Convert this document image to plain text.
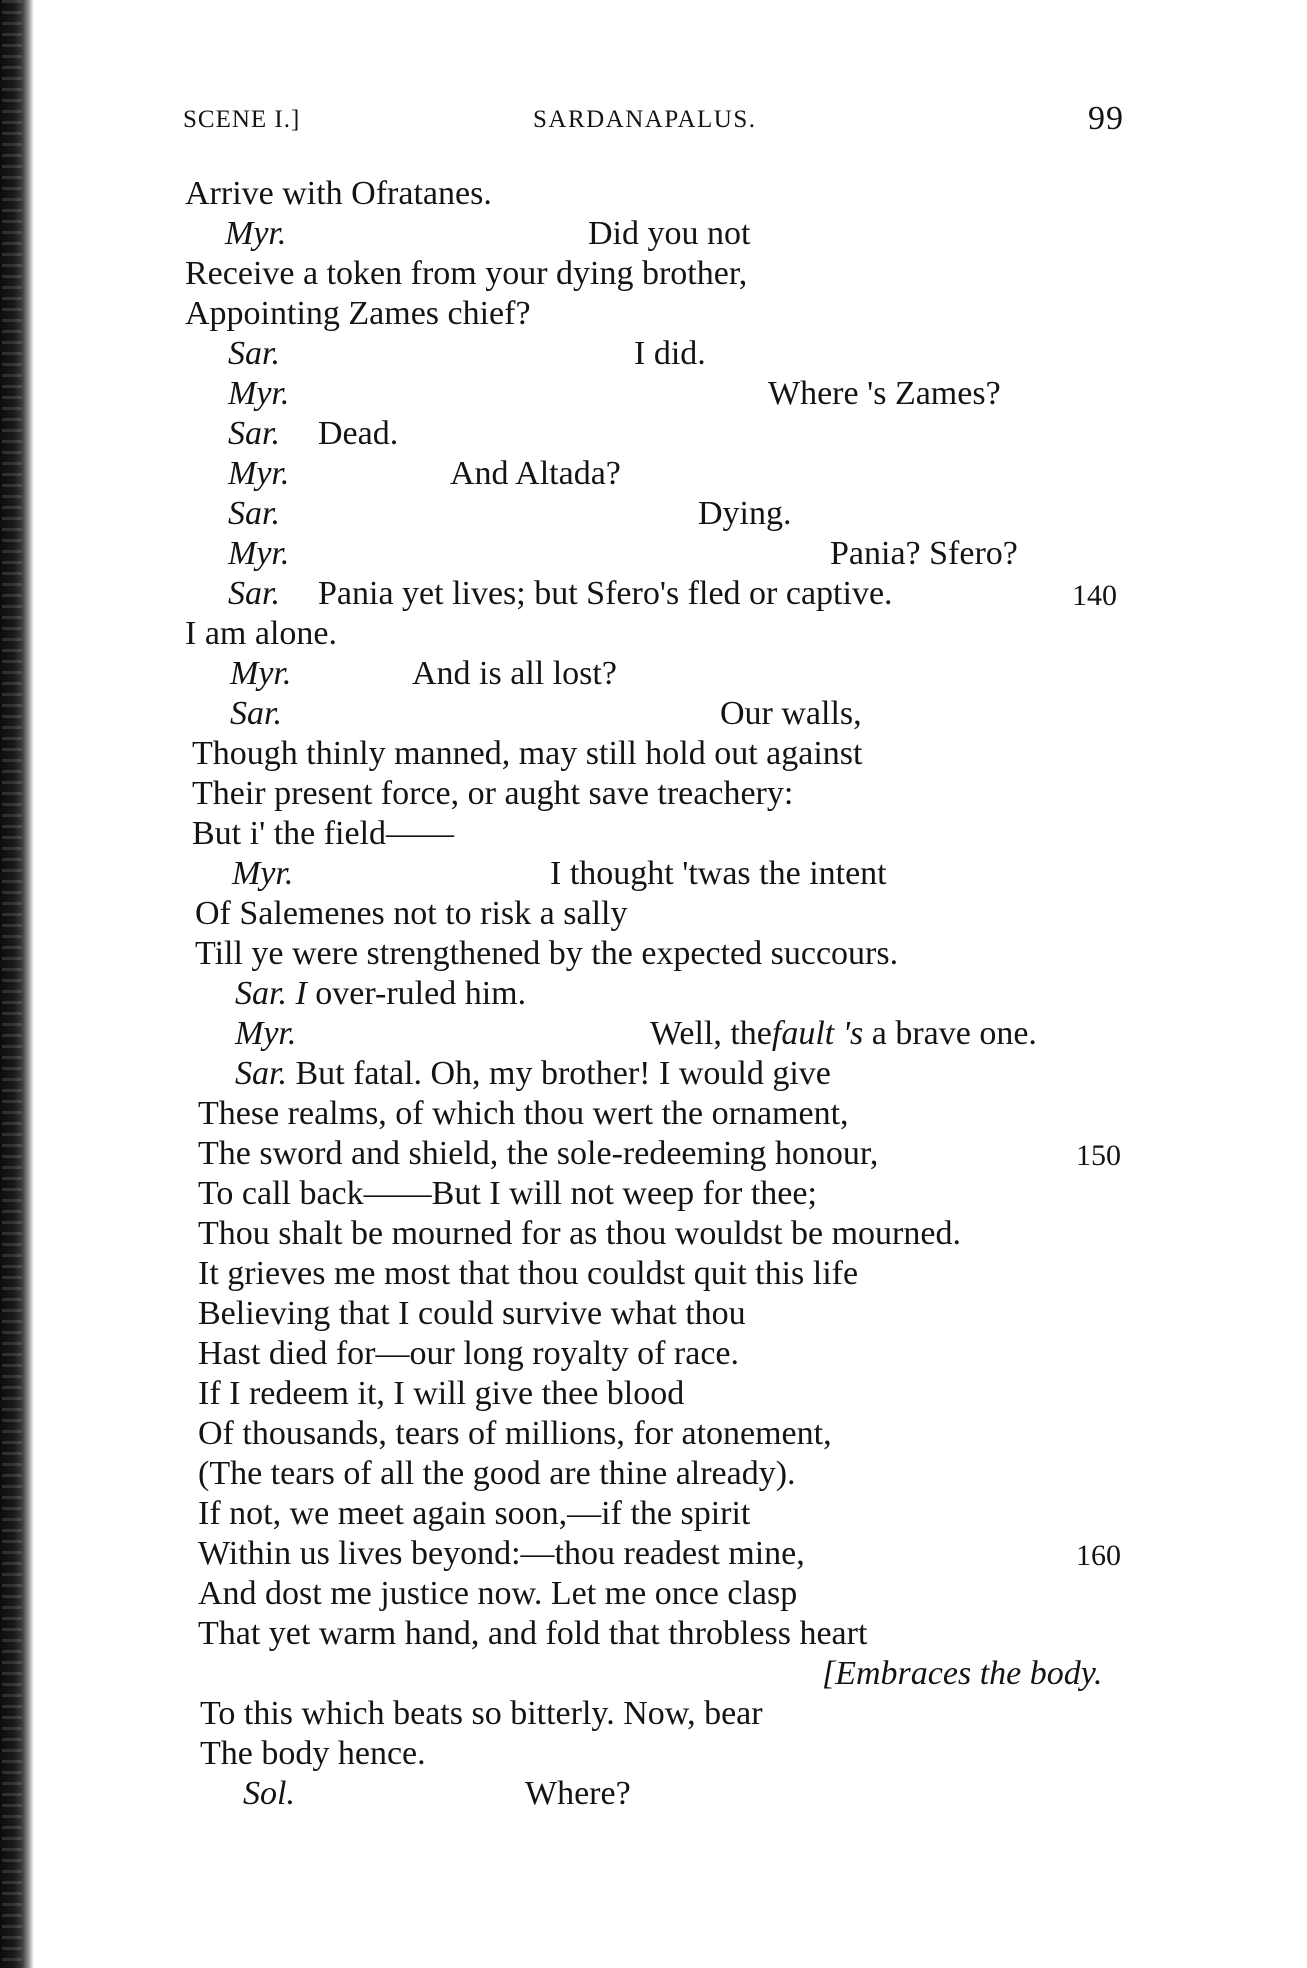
SCENE I.]	SARDANAPALUS.	99
Arrive with Ofratanes.
Myr.	Did you not
Receive a token from your dying brother,
Appointing Zames chief?
Sar.	I did.
Myr.	Where 's Zames?
Sar. Dead.
Myr.	And Altada?
Sar.	Dying.
Myr.	Pania? Sfero?
Sar. Pania yet lives; but Sfero's fled or captive.	140
I am alone.
Myr.	And is all lost?
Sar.	Our walls,
Though thinly manned, may still hold out against
Their present force, or aught save treachery:
But i' the field——
Myr.	I thought 'twas the intent
Of Salemenes not to risk a sally
Till ye were strengthened by the expected succours.
Sar. I over-ruled him.
Myr.	Well, thefault 's a brave one.
Sar. But fatal. Oh, my brother! I would give
These realms, of which thou wert the ornament,
The sword and shield, the sole-redeeming honour,	150
To call back——But I will not weep for thee;
Thou shalt be mourned for as thou wouldst be mourned.
It grieves me most that thou couldst quit this life
Believing that I could survive what thou
Hast died for—our long royalty of race.
If I redeem it, I will give thee blood
Of thousands, tears of millions, for atonement,
(The tears of all the good are thine already).
If not, we meet again soon,—if the spirit
Within us lives beyond:—thou readest mine,	160
And dost me justice now. Let me once clasp
That yet warm hand, and fold that throbless heart
[Embraces the body.
To this which beats so bitterly. Now, bear
The body hence.
Sol.	Where?
